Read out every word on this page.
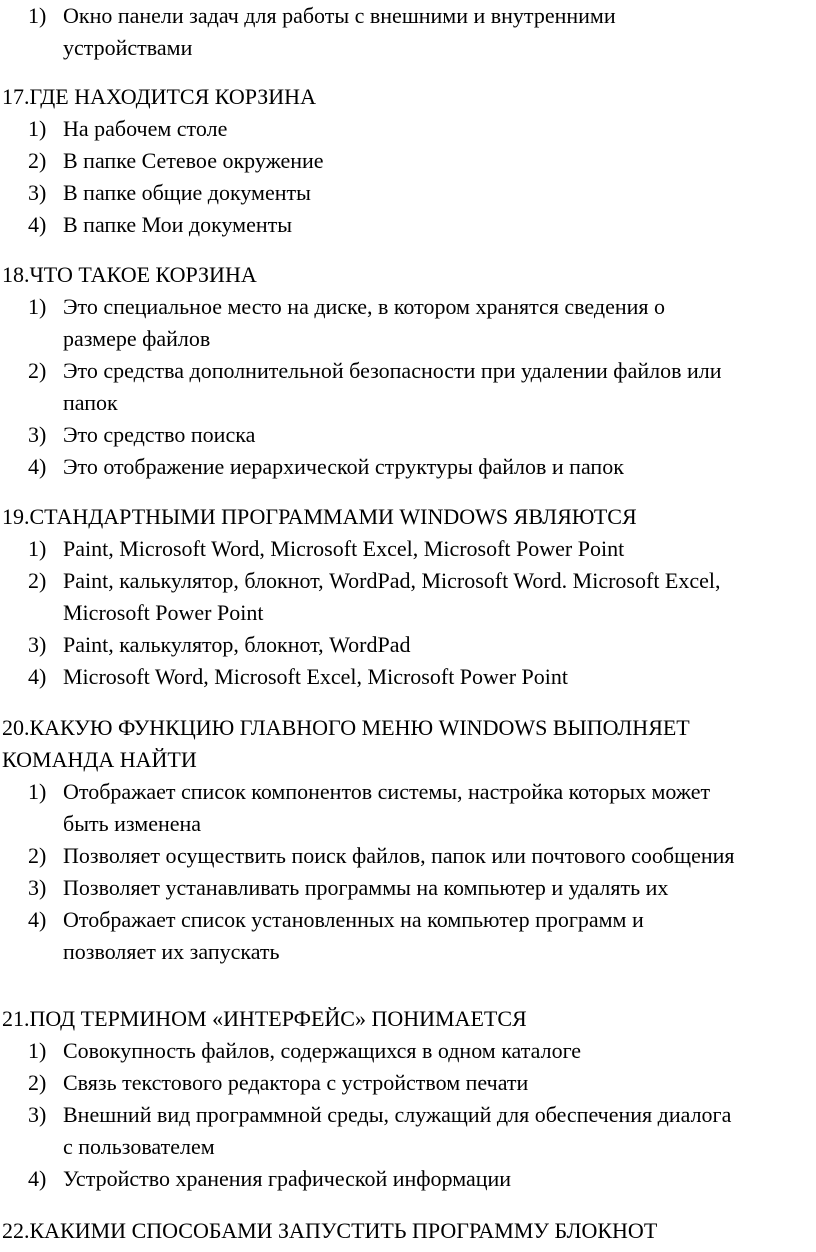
1) Окно панели задач для работы с внешними и внутренними
устройствами
17.ГДЕ НАХОДИТСЯ КОРЗИНА
1) На рабочем столе
2) В папке Сетевое окружение
3) В папке общие документы
4) В папке Мои документы
18.ЧТО ТАКОЕ КОРЗИНА
1) Это специальное место на диске, в котором хранятся сведения о
размере файлов
2) Это средства дополнительной безопасности при удалении файлов или
папок
3) Это средство поиска
4) Это отображение иерархической структуры файлов и папок
19.СТАНДАРТНЫМИ ПРОГРАММАМИ WINDOWS ЯВЛЯЮТСЯ
1) Paint, Microsoft Word, Microsoft Excel, Microsoft Power Point
2) Paint, калькулятор, блокнот, WordPad, Microsoft Word. Microsoft Excel,
Microsoft Power Point
3) Paint, калькулятор, блокнот, WordPad
4) Microsoft Word, Microsoft Excel, Microsoft Power Point
20.КАКУЮ ФУНКЦИЮ ГЛАВНОГО МЕНЮ WINDOWS ВЫПОЛНЯЕТ
КОМАНДА НАЙТИ
1) Отображает список компонентов системы, настройка которых может
быть изменена
2) Позволяет осуществить поиск файлов, папок или почтового сообщения
3) Позволяет устанавливать программы на компьютер и удалять их
4) Отображает список установленных на компьютер программ и
позволяет их запускать
21.ПОД ТЕРМИНОМ «ИНТЕРФЕЙС» ПОНИМАЕТСЯ
1) Совокупность файлов, содержащихся в одном каталоге
2) Связь текстового редактора с устройством печати
3) Внешний вид программной среды, служащий для обеспечения диалога
с пользователем
4) Устройство хранения графической информации
22.КАКИМИ СПОСОБАМИ ЗАПУСТИТЬ ПРОГРАММУ БЛОКНОТ
